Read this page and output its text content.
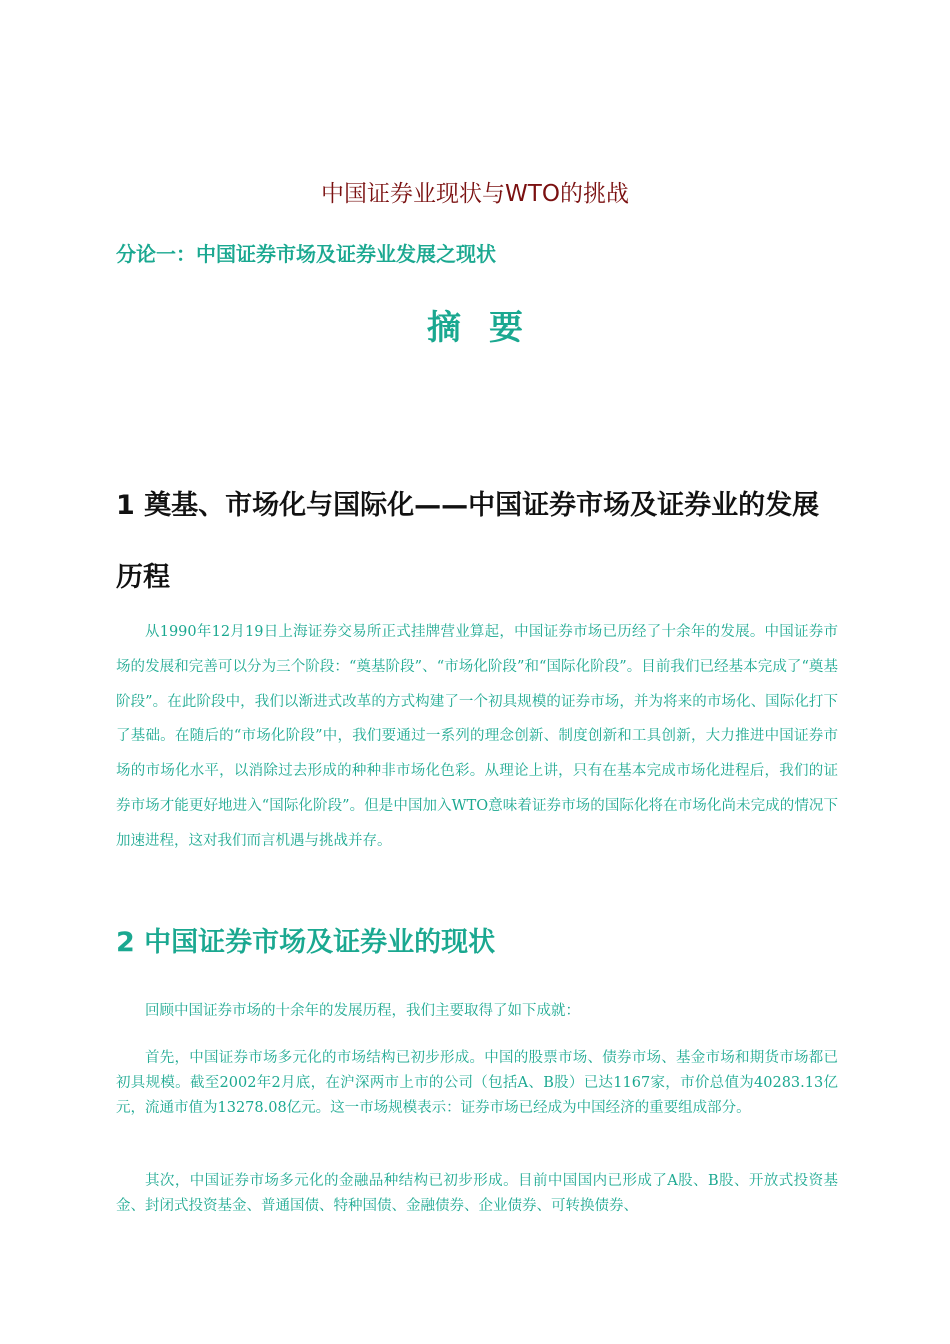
中国证券业现状与WTO的挑战
分论一：中国证券市场及证券业发展之现状
摘要
1 奠基、市场化与国际化——中国证券市场及证券业的发展历程

从1990年12月19日上海证券交易所正式挂牌营业算起，中国证券市场已历经了十余年的发展。中国证券市场的发展和完善可以分为三个阶段：“奠基阶段”、“市场化阶段”和“国际化阶段”。目前我们已经基本完成了“奠基阶段”。在此阶段中，我们以渐进式改革的方式构建了一个初具规模的证券市场，并为将来的市场化、国际化打下了基础。在随后的“市场化阶段”中，我们要通过一系列的理念创新、制度创新和工具创新，大力推进中国证券市场的市场化水平，以消除过去形成的种种非市场化色彩。从理论上讲，只有在基本完成市场化进程后，我们的证券市场才能更好地进入“国际化阶段”。但是中国加入WTO意味着证券市场的国际化将在市场化尚未完成的情况下加速进程，这对我们而言机遇与挑战并存。

2 中国证券市场及证券业的现状

回顾中国证券市场的十余年的发展历程，我们主要取得了如下成就：

首先，中国证券市场多元化的市场结构已初步形成。中国的股票市场、债券市场、基金市场和期货市场都已初具规模。截至2002年2月底，在沪深两市上市的公司（包括A、B股）已达1167家，市价总值为40283.13亿元，流通市值为13278.08亿元。这一市场规模表示：证券市场已经成为中国经济的重要组成部分。

其次，中国证券市场多元化的金融品种结构已初步形成。目前中国国内已形成了A股、B股、开放式投资基金、封闭式投资基金、普通国债、特种国债、金融债券、企业债券、可转换债券、
